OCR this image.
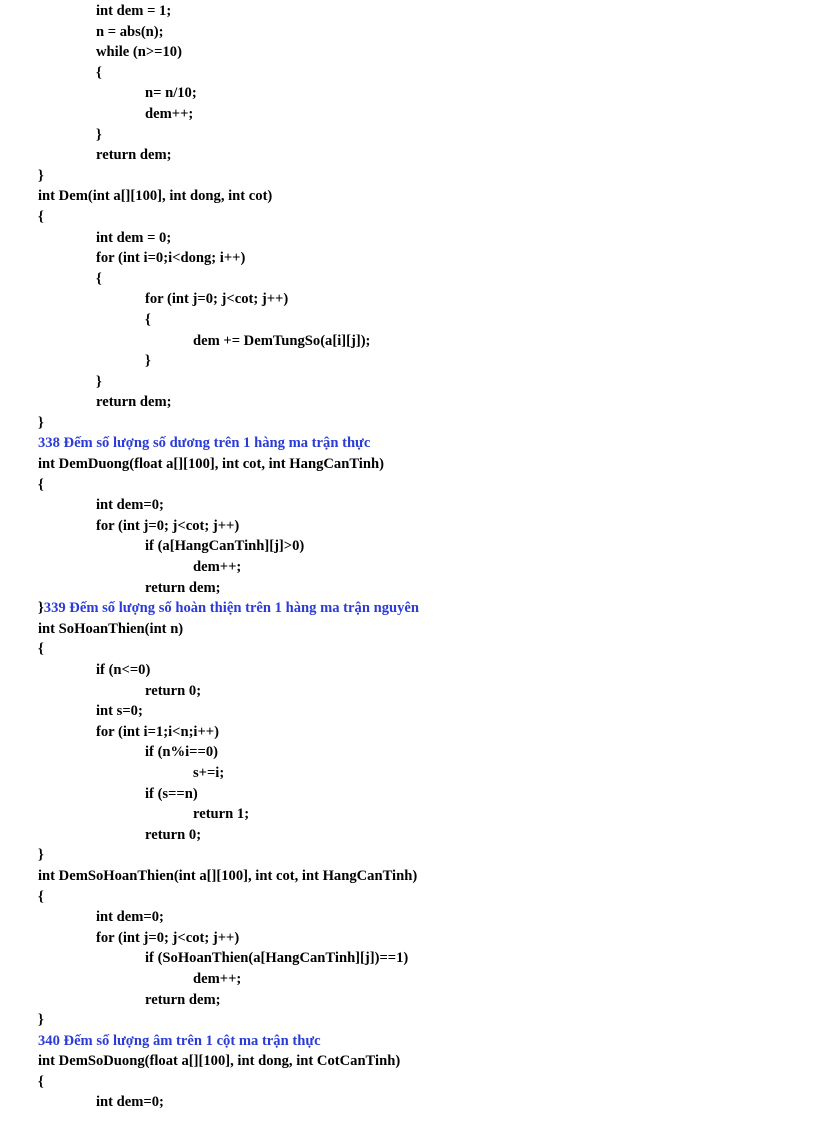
int dem = 1;
n = abs(n);
while (n>=10)
{
n= n/10;
dem++;
}
return dem;
}
int Dem(int a[][100], int dong, int cot)
{
int dem = 0;
for (int i=0;i<dong; i++)
{
for (int j=0; j<cot; j++)
{
dem += DemTungSo(a[i][j]);
}
}
return dem;
}
338 Đếm số lượng số dương trên 1 hàng ma trận thực
int DemDuong(float a[][100], int cot, int HangCanTinh)
{
int dem=0;
for (int j=0; j<cot; j++)
if (a[HangCanTinh][j]>0)
dem++;
return dem;
}339 Đếm số lượng số hoàn thiện trên 1 hàng ma trận nguyên
int SoHoanThien(int n)
{
if (n<=0)
return 0;
int s=0;
for (int i=1;i<n;i++)
if (n%i==0)
s+=i;
if (s==n)
return 1;
return 0;
}
int DemSoHoanThien(int a[][100], int cot, int HangCanTinh)
{
int dem=0;
for (int j=0; j<cot; j++)
if (SoHoanThien(a[HangCanTinh][j])==1)
dem++;
return dem;
}
340 Đếm số lượng âm trên 1 cột ma trận thực
int DemSoDuong(float a[][100], int dong, int CotCanTinh)
{
int dem=0;
